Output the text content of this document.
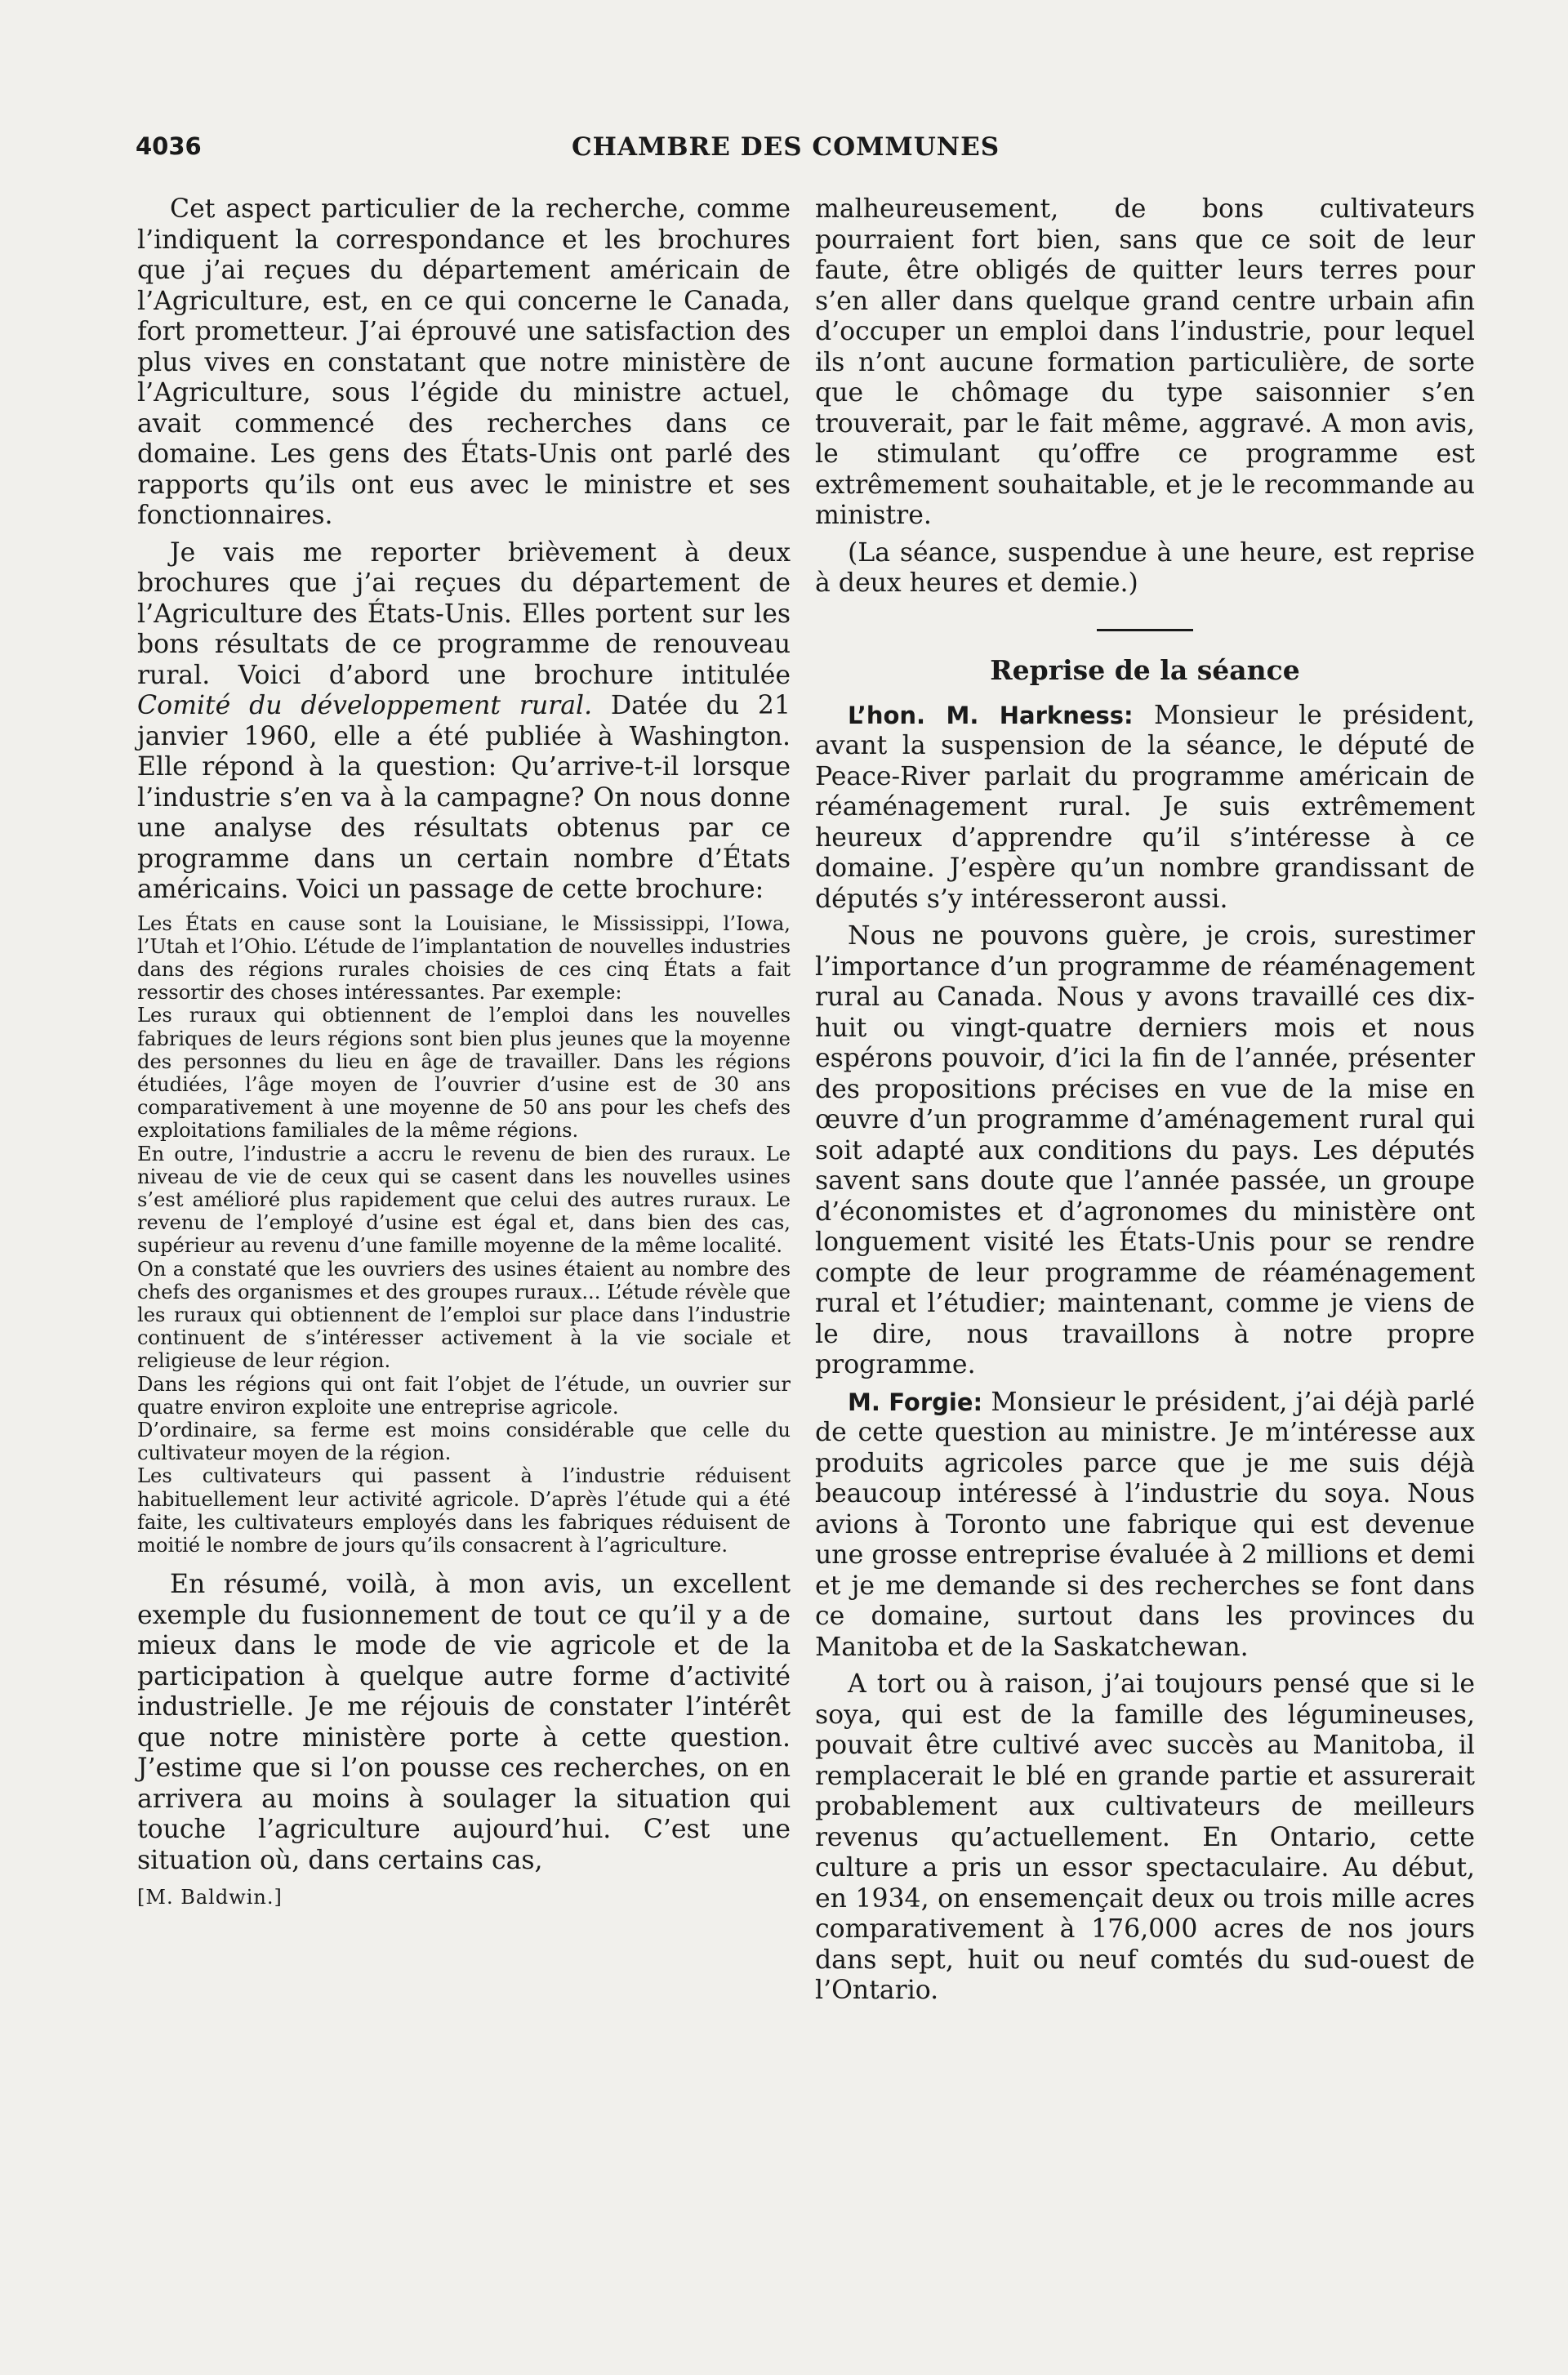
4036	CHAMBRE DES COMMUNES

Cet aspect particulier de la recherche, comme l’indiquent la correspondance et les brochures que j’ai reçues du département américain de l’Agriculture, est, en ce qui concerne le Canada, fort prometteur. J’ai éprouvé une satisfaction des plus vives en constatant que notre ministère de l’Agriculture, sous l’égide du ministre actuel, avait commencé des recherches dans ce domaine. Les gens des États-Unis ont parlé des rapports qu’ils ont eus avec le ministre et ses fonctionnaires.

Je vais me reporter brièvement à deux brochures que j’ai reçues du département de l’Agriculture des États-Unis. Elles portent sur les bons résultats de ce programme de renouveau rural. Voici d’abord une brochure intitulée Comité du développement rural. Datée du 21 janvier 1960, elle a été publiée à Washington. Elle répond à la question: Qu’arrive-t-il lorsque l’industrie s’en va à la campagne? On nous donne une analyse des résultats obtenus par ce programme dans un certain nombre d’États américains. Voici un passage de cette brochure:

Les États en cause sont la Louisiane, le Mississippi, l’Iowa, l’Utah et l’Ohio. L’étude de l’implantation de nouvelles industries dans des régions rurales choisies de ces cinq États a fait ressortir des choses intéressantes. Par exemple:

Les ruraux qui obtiennent de l’emploi dans les nouvelles fabriques de leurs régions sont bien plus jeunes que la moyenne des personnes du lieu en âge de travailler. Dans les régions étudiées, l’âge moyen de l’ouvrier d’usine est de 30 ans comparativement à une moyenne de 50 ans pour les chefs des exploitations familiales de la même régions.

En outre, l’industrie a accru le revenu de bien des ruraux. Le niveau de vie de ceux qui se casent dans les nouvelles usines s’est amélioré plus rapidement que celui des autres ruraux. Le revenu de l’employé d’usine est égal et, dans bien des cas, supérieur au revenu d’une famille moyenne de la même localité.

On a constaté que les ouvriers des usines étaient au nombre des chefs des organismes et des groupes ruraux... L’étude révèle que les ruraux qui obtiennent de l’emploi sur place dans l’industrie continuent de s’intéresser activement à la vie sociale et religieuse de leur région.

Dans les régions qui ont fait l’objet de l’étude, un ouvrier sur quatre environ exploite une entreprise agricole.

D’ordinaire, sa ferme est moins considérable que celle du cultivateur moyen de la région.

Les cultivateurs qui passent à l’industrie réduisent habituellement leur activité agricole. D’après l’étude qui a été faite, les cultivateurs employés dans les fabriques réduisent de moitié le nombre de jours qu’ils consacrent à l’agriculture.

En résumé, voilà, à mon avis, un excellent exemple du fusionnement de tout ce qu’il y a de mieux dans le mode de vie agricole et de la participation à quelque autre forme d’activité industrielle. Je me réjouis de constater l’intérêt que notre ministère porte à cette question. J’estime que si l’on pousse ces recherches, on en arrivera au moins à soulager la situation qui touche l’agriculture aujourd’hui. C’est une situation où, dans certains cas,

[M. Baldwin.]

malheureusement, de bons cultivateurs pourraient fort bien, sans que ce soit de leur faute, être obligés de quitter leurs terres pour s’en aller dans quelque grand centre urbain afin d’occuper un emploi dans l’industrie, pour lequel ils n’ont aucune formation particulière, de sorte que le chômage du type saisonnier s’en trouverait, par le fait même, aggravé. A mon avis, le stimulant qu’offre ce programme est extrêmement souhaitable, et je le recommande au ministre.

(La séance, suspendue à une heure, est reprise à deux heures et demie.)

Reprise de la séance

L’hon. M. Harkness: Monsieur le président, avant la suspension de la séance, le député de Peace-River parlait du programme américain de réaménagement rural. Je suis extrêmement heureux d’apprendre qu’il s’intéresse à ce domaine. J’espère qu’un nombre grandissant de députés s’y intéresseront aussi.

Nous ne pouvons guère, je crois, surestimer l’importance d’un programme de réaménagement rural au Canada. Nous y avons travaillé ces dix-huit ou vingt-quatre derniers mois et nous espérons pouvoir, d’ici la fin de l’année, présenter des propositions précises en vue de la mise en œuvre d’un programme d’aménagement rural qui soit adapté aux conditions du pays. Les députés savent sans doute que l’année passée, un groupe d’économistes et d’agronomes du ministère ont longuement visité les États-Unis pour se rendre compte de leur programme de réaménagement rural et l’étudier; maintenant, comme je viens de le dire, nous travaillons à notre propre programme.

M. Forgie: Monsieur le président, j’ai déjà parlé de cette question au ministre. Je m’intéresse aux produits agricoles parce que je me suis déjà beaucoup intéressé à l’industrie du soya. Nous avions à Toronto une fabrique qui est devenue une grosse entreprise évaluée à 2 millions et demi et je me demande si des recherches se font dans ce domaine, surtout dans les provinces du Manitoba et de la Saskatchewan.

A tort ou à raison, j’ai toujours pensé que si le soya, qui est de la famille des légumineuses, pouvait être cultivé avec succès au Manitoba, il remplacerait le blé en grande partie et assurerait probablement aux cultivateurs de meilleurs revenus qu’actuellement. En Ontario, cette culture a pris un essor spectaculaire. Au début, en 1934, on ensemençait deux ou trois mille acres comparativement à 176,000 acres de nos jours dans sept, huit ou neuf comtés du sud-ouest de l’Ontario.
